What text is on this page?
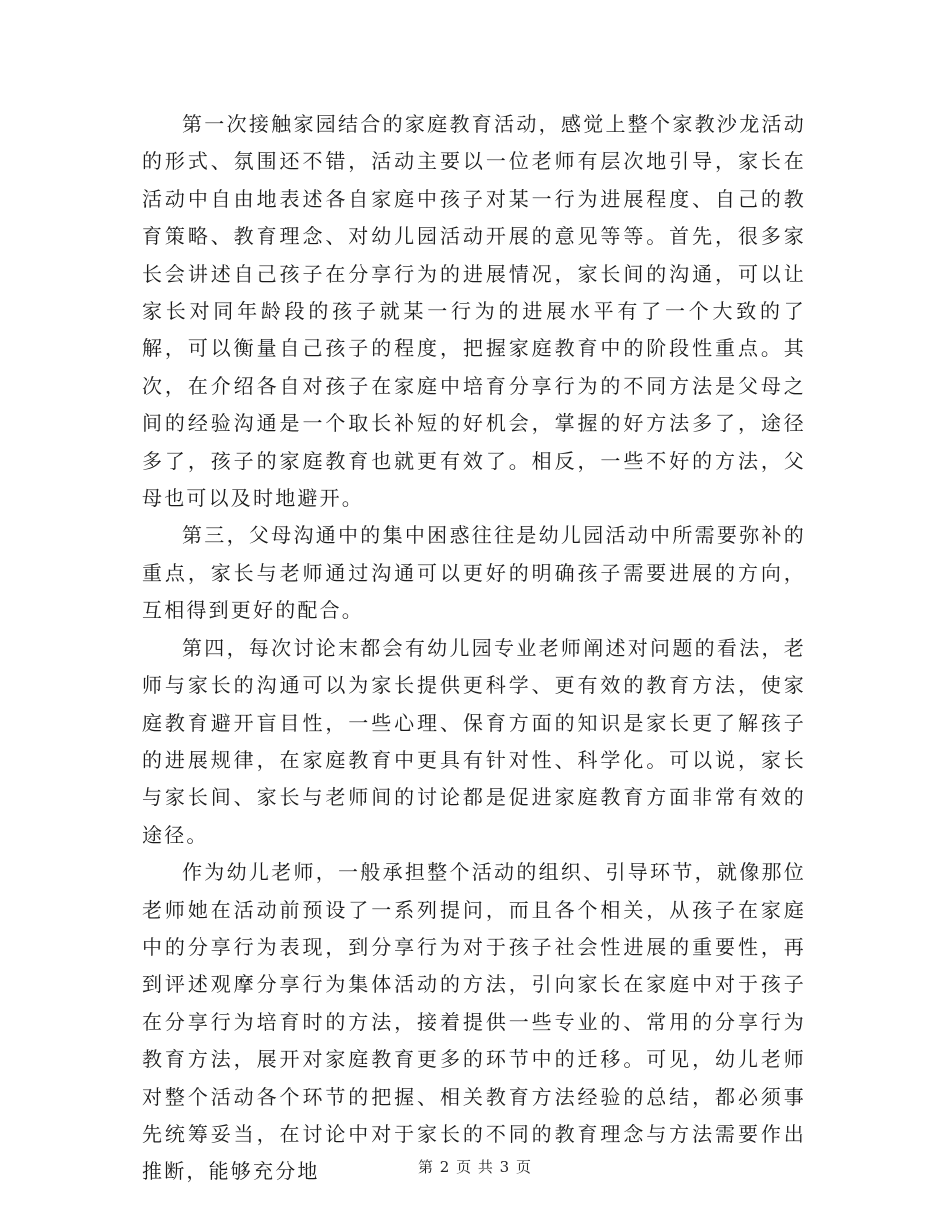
第一次接触家园结合的家庭教育活动，感觉上整个家教沙龙活动的形式、氛围还不错，活动主要以一位老师有层次地引导，家长在活动中自由地表述各自家庭中孩子对某一行为进展程度、自己的教育策略、教育理念、对幼儿园活动开展的意见等等。首先，很多家长会讲述自己孩子在分享行为的进展情况，家长间的沟通，可以让家长对同年龄段的孩子就某一行为的进展水平有了一个大致的了解，可以衡量自己孩子的程度，把握家庭教育中的阶段性重点。其次，在介绍各自对孩子在家庭中培育分享行为的不同方法是父母之间的经验沟通是一个取长补短的好机会，掌握的好方法多了，途径多了，孩子的家庭教育也就更有效了。相反，一些不好的方法，父母也可以及时地避开。

第三，父母沟通中的集中困惑往往是幼儿园活动中所需要弥补的重点，家长与老师通过沟通可以更好的明确孩子需要进展的方向，互相得到更好的配合。

第四，每次讨论末都会有幼儿园专业老师阐述对问题的看法，老师与家长的沟通可以为家长提供更科学、更有效的教育方法，使家庭教育避开盲目性，一些心理、保育方面的知识是家长更了解孩子的进展规律，在家庭教育中更具有针对性、科学化。可以说，家长与家长间、家长与老师间的讨论都是促进家庭教育方面非常有效的途径。

作为幼儿老师，一般承担整个活动的组织、引导环节，就像那位老师她在活动前预设了一系列提问，而且各个相关，从孩子在家庭中的分享行为表现，到分享行为对于孩子社会性进展的重要性，再到评述观摩分享行为集体活动的方法，引向家长在家庭中对于孩子在分享行为培育时的方法，接着提供一些专业的、常用的分享行为教育方法，展开对家庭教育更多的环节中的迁移。可见，幼儿老师对整个活动各个环节的把握、相关教育方法经验的总结，都必须事先统筹妥当，在讨论中对于家长的不同的教育理念与方法需要作出推断，能够充分地	第 2 页 共 3 页
